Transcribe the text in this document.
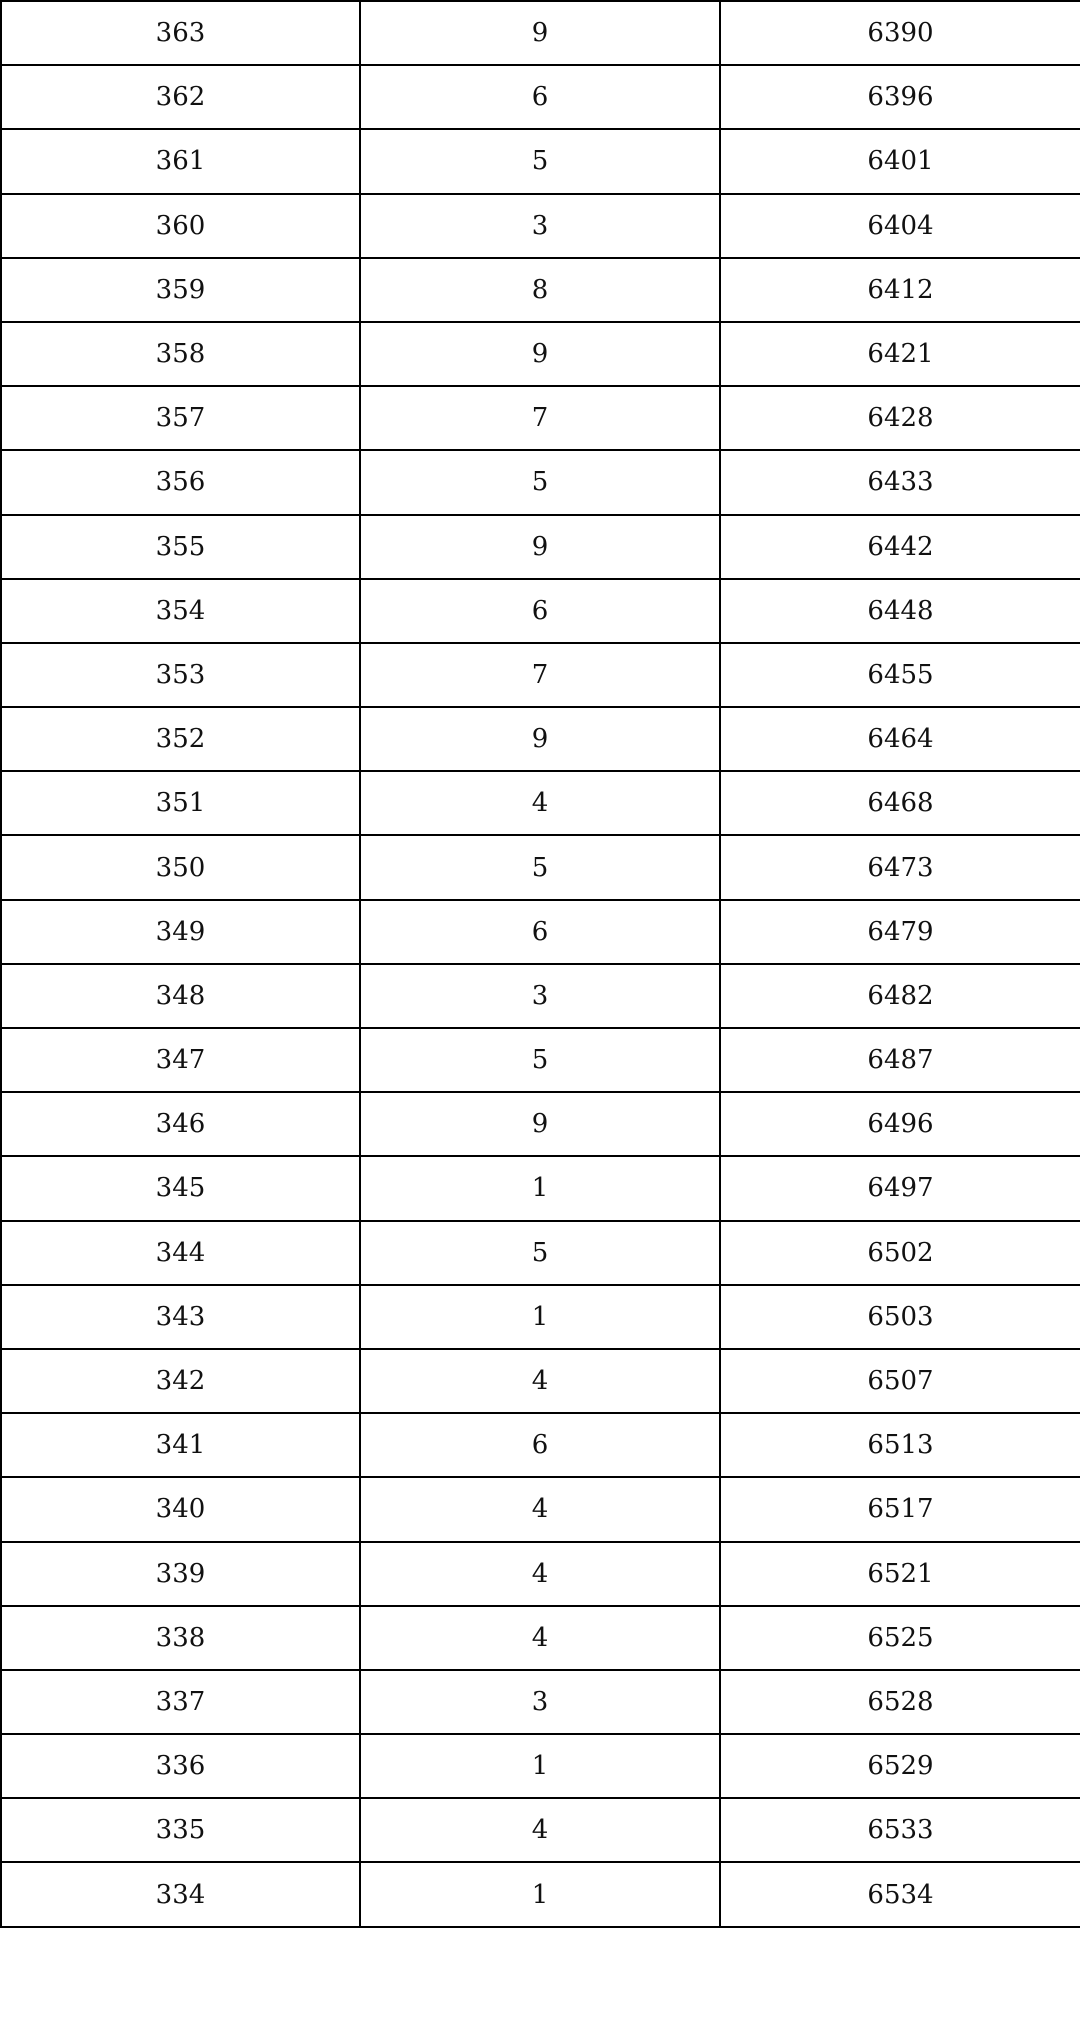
363	9	6390
362	6	6396
361	5	6401
360	3	6404
359	8	6412
358	9	6421
357	7	6428
356	5	6433
355	9	6442
354	6	6448
353	7	6455
352	9	6464
351	4	6468
350	5	6473
349	6	6479
348	3	6482
347	5	6487
346	9	6496
345	1	6497
344	5	6502
343	1	6503
342	4	6507
341	6	6513
340	4	6517
339	4	6521
338	4	6525
337	3	6528
336	1	6529
335	4	6533
334	1	6534
